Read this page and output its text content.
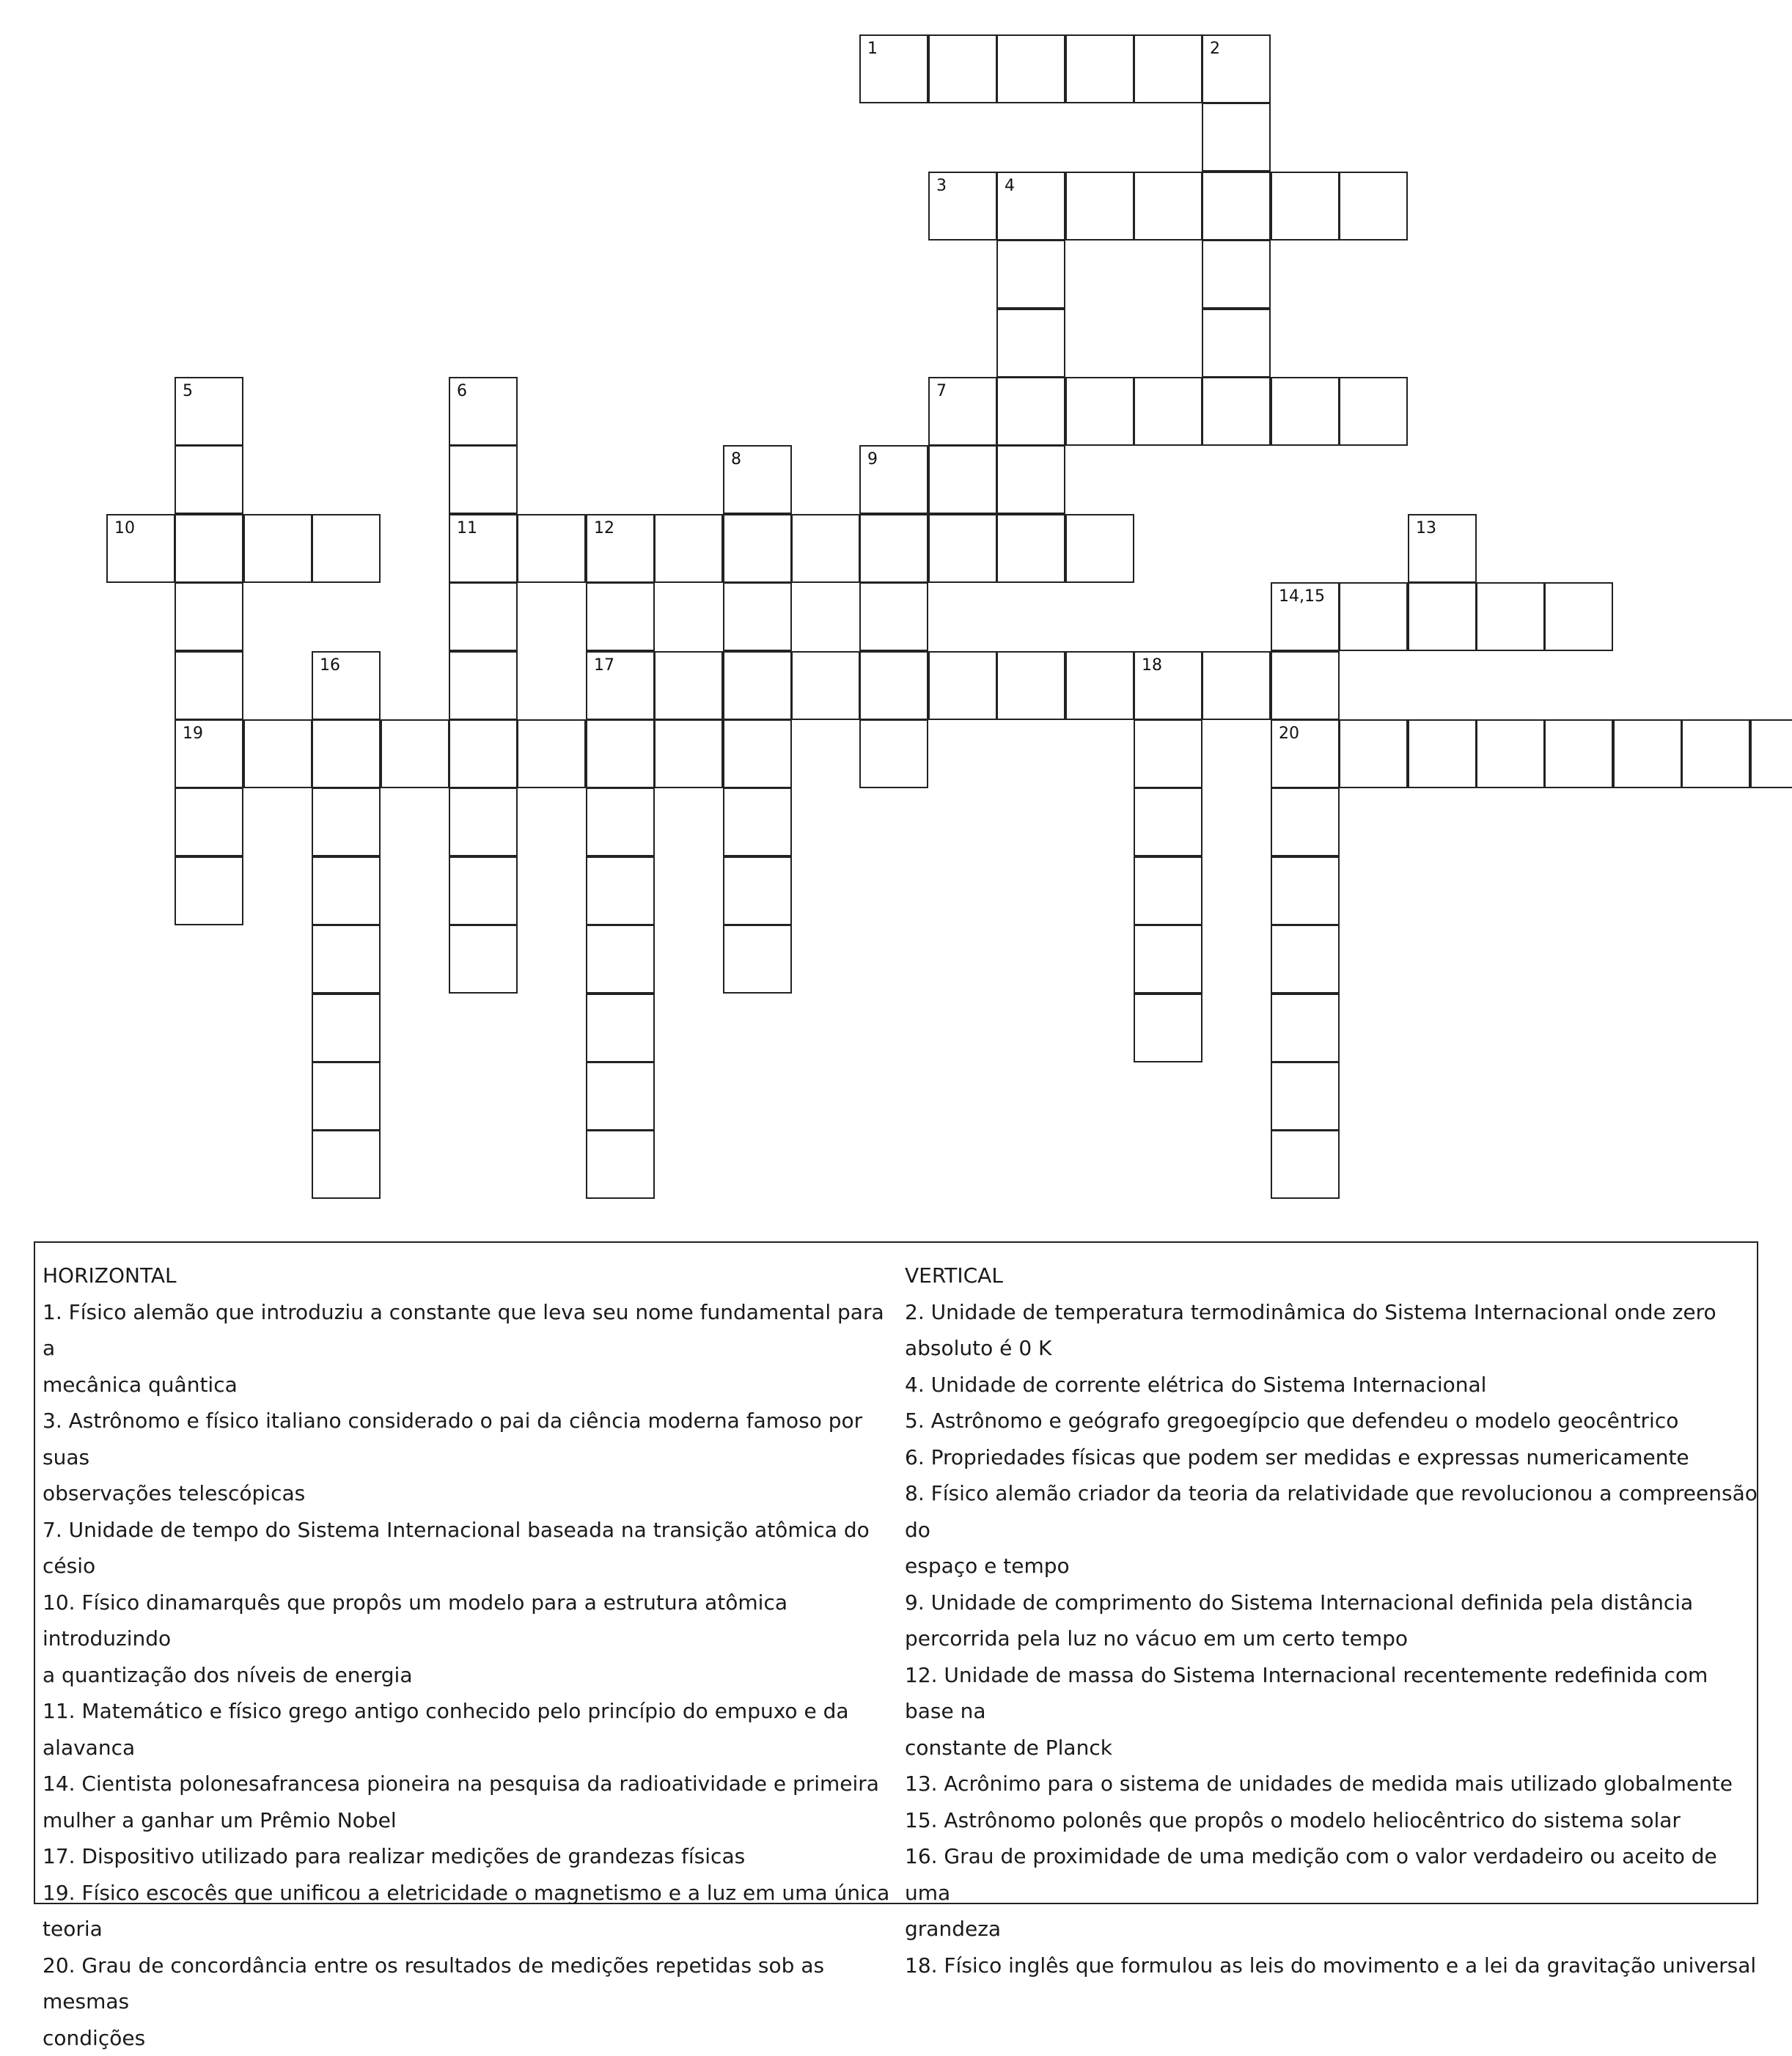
1	2
3	4
5	6	7
8	9
10	11	12	13
14,15
16	17	18
19	20

HORIZONTAL

1. Físico alemão que introduziu a constante que leva seu nome fundamental para a

mecânica quântica

3. Astrônomo e físico italiano considerado o pai da ciência moderna famoso por suas

observações telescópicas

7. Unidade de tempo do Sistema Internacional baseada na transição atômica do césio

10. Físico dinamarquês que propôs um modelo para a estrutura atômica introduzindo

a quantização dos níveis de energia

11. Matemático e físico grego antigo conhecido pelo princípio do empuxo e da

alavanca

14. Cientista polonesafrancesa pioneira na pesquisa da radioatividade e primeira

mulher a ganhar um Prêmio Nobel

17. Dispositivo utilizado para realizar medições de grandezas físicas

19. Físico escocês que unificou a eletricidade o magnetismo e a luz em uma única

teoria

20. Grau de concordância entre os resultados de medições repetidas sob as mesmas

condições

VERTICAL

2. Unidade de temperatura termodinâmica do Sistema Internacional onde zero

absoluto é 0 K

4. Unidade de corrente elétrica do Sistema Internacional

5. Astrônomo e geógrafo gregoegípcio que defendeu o modelo geocêntrico

6. Propriedades físicas que podem ser medidas e expressas numericamente

8. Físico alemão criador da teoria da relatividade que revolucionou a compreensão do

espaço e tempo

9. Unidade de comprimento do Sistema Internacional definida pela distância

percorrida pela luz no vácuo em um certo tempo

12. Unidade de massa do Sistema Internacional recentemente redefinida com base na

constante de Planck

13. Acrônimo para o sistema de unidades de medida mais utilizado globalmente

15. Astrônomo polonês que propôs o modelo heliocêntrico do sistema solar

16. Grau de proximidade de uma medição com o valor verdadeiro ou aceito de uma

grandeza

18. Físico inglês que formulou as leis do movimento e a lei da gravitação universal
